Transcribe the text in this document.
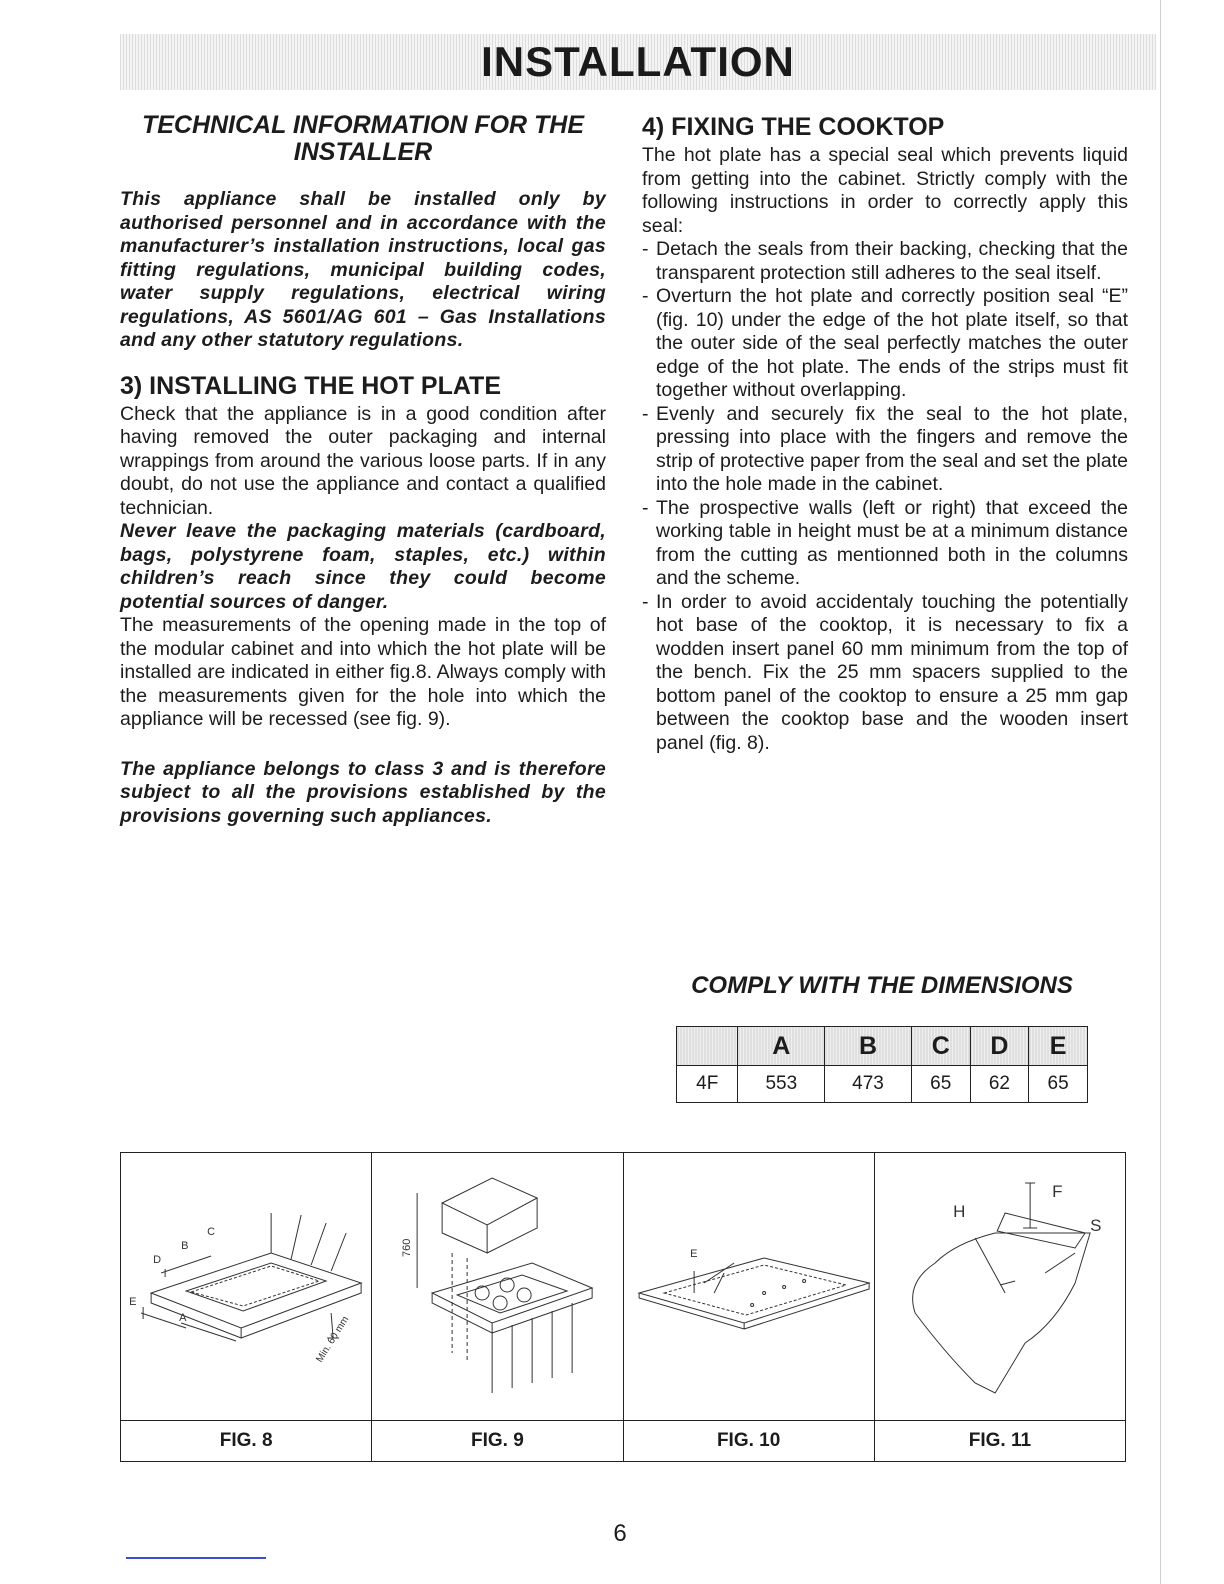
INSTALLATION
TECHNICAL INFORMATION FOR THE INSTALLER

This appliance shall be installed only by authorised personnel and in accordance with the manufacturer’s installation instructions, local gas fitting regulations, municipal building codes, water supply regulations, electrical wiring regulations, AS 5601/AG 601 – Gas Installations and any other statutory regulations.

3) INSTALLING THE HOT PLATE

Check that the appliance is in a good condition after having removed the outer packaging and internal wrappings from around the various loose parts. If in any doubt, do not use the appliance and contact a qualified technician.

Never leave the packaging materials (cardboard, bags, polystyrene foam, staples, etc.) within children’s reach since they could become potential sources of danger.

The measurements of the opening made in the top of the modular cabinet and into which the hot plate will be installed are indicated in either fig.8. Always comply with the measurements given for the hole into which the appliance will be recessed (see fig. 9).

The appliance belongs to class 3 and is therefore subject to all the provisions established by the provisions governing such appliances.

4) FIXING THE COOKTOP

The hot plate has a special seal which prevents liquid from getting into the cabinet. Strictly comply with the following instructions in order to correctly apply this seal:

- Detach the seals from their backing, checking that the transparent protection still adheres to the seal itself.
- Overturn the hot plate and correctly position seal “E” (fig. 10) under the edge of the hot plate itself, so that the outer side of the seal perfectly matches the outer edge of the hot plate. The ends of the strips must fit together without overlapping.
- Evenly and securely fix the seal to the hot plate, pressing into place with the fingers and remove the strip of protective paper from the seal and set the plate into the hole made in the cabinet.
- The prospective walls (left or right) that exceed the working table in height must be at a minimum distance from the cutting as mentionned both in the columns and the scheme.
- In order to avoid accidentaly touching the potentially hot base of the cooktop, it is necessary to fix a wodden insert panel 60 mm minimum from the top of the bench. Fix the 25 mm spacers supplied to the bottom panel of the cooktop to ensure a 25 mm gap between the cooktop base and the wooden insert panel (fig. 8).
COMPLY WITH THE DIMENSIONS
	A	B	C	D	E
4F	553	473	65	62	65
C
B
D
E
A	Min. 60 mm
FIG. 8
760
FIG. 9
E
FIG. 10
F
H
S
FIG. 11
6
